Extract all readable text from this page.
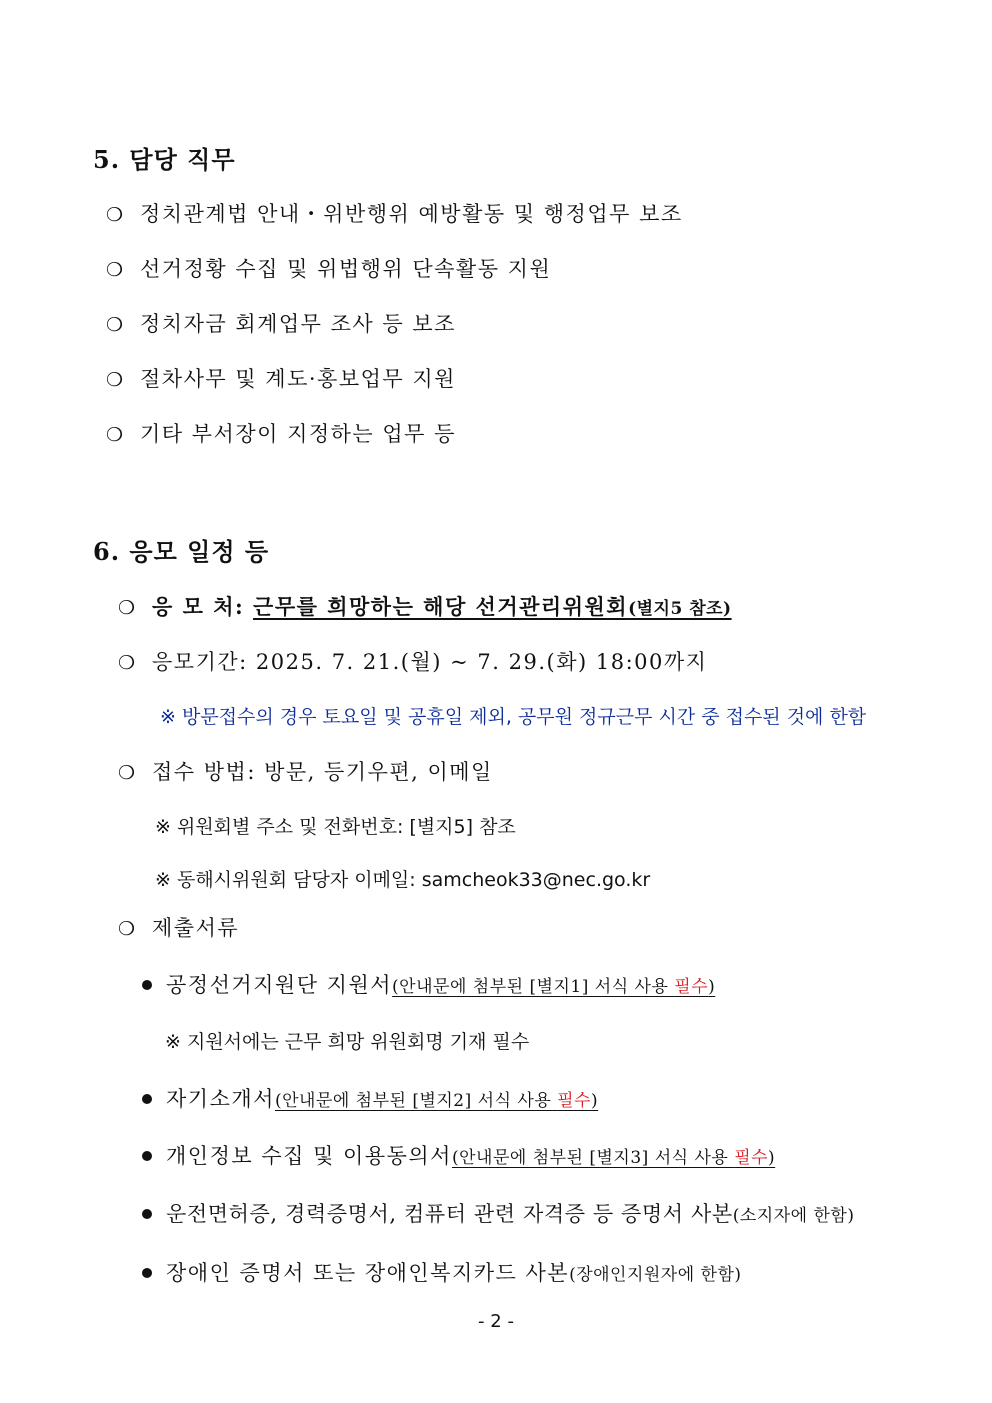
5. 담당 직무
❍ 정치관계법 안내・위반행위 예방활동 및 행정업무 보조
❍ 선거정황 수집 및 위법행위 단속활동 지원
❍ 정치자금 회계업무 조사 등 보조
❍ 절차사무 및 계도·홍보업무 지원
❍ 기타 부서장이 지정하는 업무 등
6. 응모 일정 등
❍ 응 모 처: 근무를 희망하는 해당 선거관리위원회(별지5 참조)
❍ 응모기간: 2025. 7. 21.(월) ~ 7. 29.(화) 18:00까지
※ 방문접수의 경우 토요일 및 공휴일 제외, 공무원 정규근무 시간 중 접수된 것에 한함
❍ 접수 방법: 방문, 등기우편, 이메일
※ 위원회별 주소 및 전화번호: [별지5] 참조
※ 동해시위원회 담당자 이메일: samcheok33@nec.go.kr
❍ 제출서류
공정선거지원단 지원서(안내문에 첨부된 [별지1] 서식 사용 필수)
※ 지원서에는 근무 희망 위원회명 기재 필수
자기소개서(안내문에 첨부된 [별지2] 서식 사용 필수)
개인정보 수집 및 이용동의서(안내문에 첨부된 [별지3] 서식 사용 필수)
운전면허증, 경력증명서, 컴퓨터 관련 자격증 등 증명서 사본(소지자에 한함)
장애인 증명서 또는 장애인복지카드 사본(장애인지원자에 한함)
- 2 -
